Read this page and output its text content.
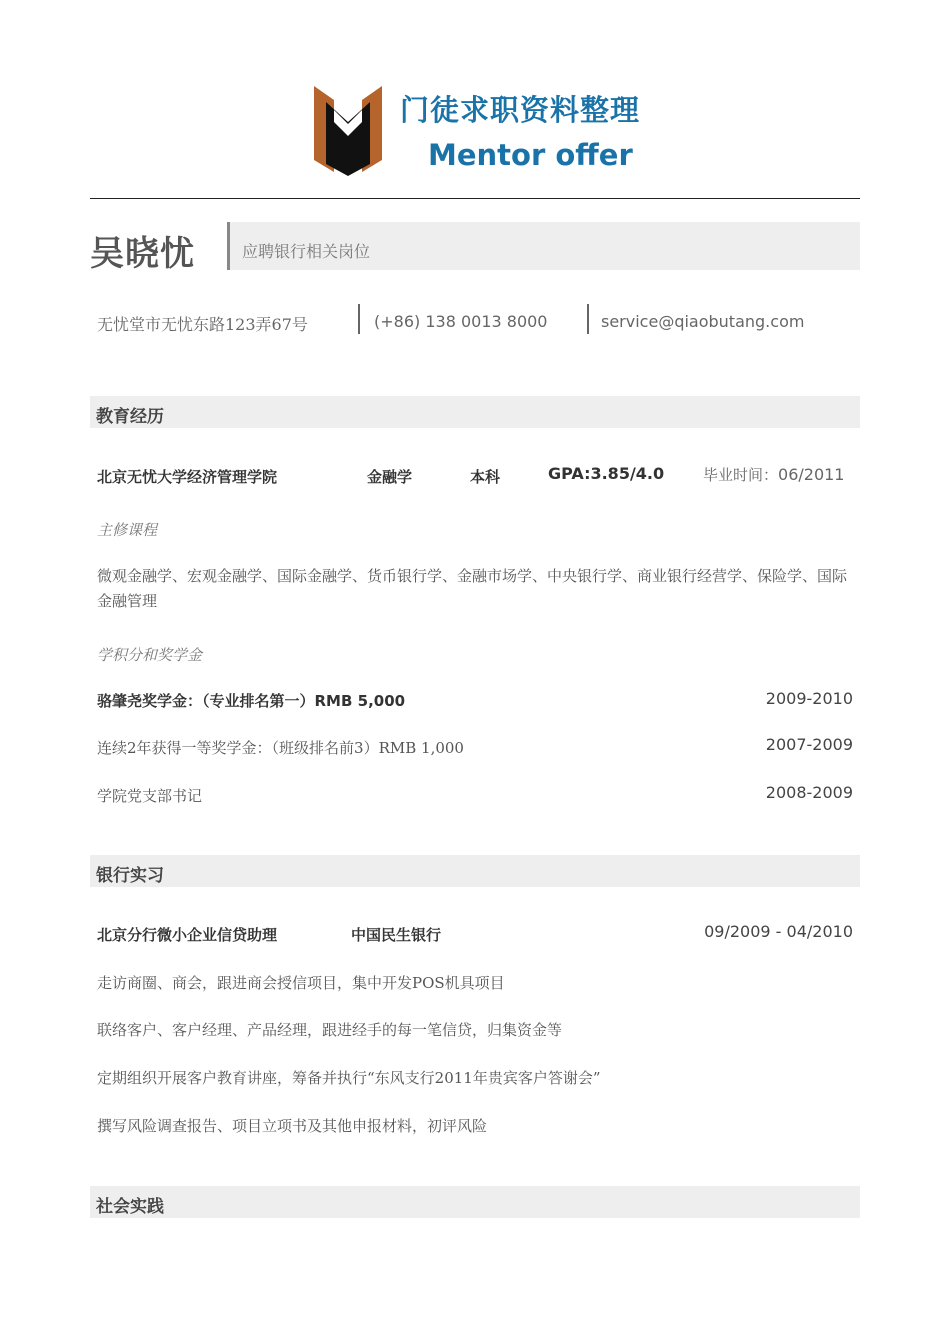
门徒求职资料整理
Mentor offer
吴晓忧	应聘银行相关岗位
无忧堂市无忧东路123弄67号	(+86) 138 0013 8000	service@qiaobutang.com
教育经历
北京无忧大学经济管理学院	金融学	本科	GPA:3.85/4.0	毕业时间：06/2011
主修课程
微观金融学、宏观金融学、国际金融学、货币银行学、金融市场学、中央银行学、商业银行经营学、保险学、国际金融管理
学积分和奖学金
骆肇尧奖学金：（专业排名第一）RMB 5,000	2009-2010
连续2年获得一等奖学金：（班级排名前3）RMB 1,000	2007-2009
学院党支部书记	2008-2009
银行实习
北京分行微小企业信贷助理	中国民生银行	09/2009 - 04/2010
走访商圈、商会，跟进商会授信项目，集中开发POS机具项目
联络客户、客户经理、产品经理，跟进经手的每一笔信贷，归集资金等
定期组织开展客户教育讲座，筹备并执行“东风支行2011年贵宾客户答谢会”
撰写风险调查报告、项目立项书及其他申报材料，初评风险
社会实践
